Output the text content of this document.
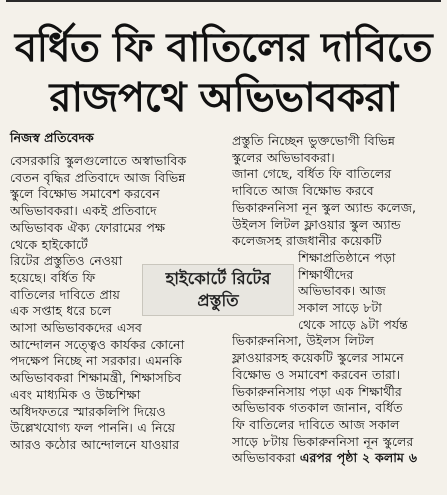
বর্ধিত ফি বাতিলের দাবিতে
রাজপথে অভিভাবকরা
নিজস্ব প্রতিবেদক
বেসরকারি স্কুলগুলোতে অস্বাভাবিক
বেতন বৃদ্ধির প্রতিবাদে আজ বিভিন্ন
স্কুলে বিক্ষোভ সমাবেশ করবেন
অভিভাবকরা। একই প্রতিবাদে
অভিভাবক ঐক্য ফোরামের পক্ষ
থেকে হাইকোর্টে
রিটের প্রস্তুতিও নেওয়া
হয়েছে। বর্ধিত ফি
বাতিলের দাবিতে প্রায়
এক সপ্তাহ ধরে চলে
আসা অভিভাবকদের এসব
আন্দোলন সত্ত্বেও কার্যকর কোনো
পদক্ষেপ নিচ্ছে না সরকার। এমনকি
অভিভাবকরা শিক্ষামন্ত্রী, শিক্ষাসচিব
এবং মাধ্যমিক ও উচ্চশিক্ষা
অধিদফতরে স্মারকলিপি দিয়েও
উল্লেখযোগ্য ফল পাননি। এ নিয়ে
আরও কঠোর আন্দোলনে যাওয়ার
প্রস্তুতি নিচ্ছেন ভুক্তভোগী বিভিন্ন
স্কুলের অভিভাবকরা।
জানা গেছে, বর্ধিত ফি বাতিলের
দাবিতে আজ বিক্ষোভ করবে
ভিকারুননিসা নূন স্কুল অ্যান্ড কলেজ,
উইলস লিটল ফ্লাওয়ার স্কুল অ্যান্ড
কলেজসহ রাজধানীর কয়েকটি
শিক্ষাপ্রতিষ্ঠানে পড়া
শিক্ষার্থীদের
অভিভাবক। আজ
সকাল সাড়ে ৮টা
থেকে সাড়ে ৯টা পর্যন্ত
ভিকারুননিসা, উইলস লিটল
ফ্লাওয়ারসহ কয়েকটি স্কুলের সামনে
বিক্ষোভ ও সমাবেশ করবেন তারা।
ভিকারুননিসায় পড়া এক শিক্ষার্থীর
অভিভাবক গতকাল জানান, বর্ধিত
ফি বাতিলের দাবিতে আজ সকাল
সাড়ে ৮টায় ভিকারুননিসা নূন স্কুলের
অভিভাবকরা এরপর পৃষ্ঠা ২ কলাম ৬
হাইকোর্টে রিটের
প্রস্তুতি
